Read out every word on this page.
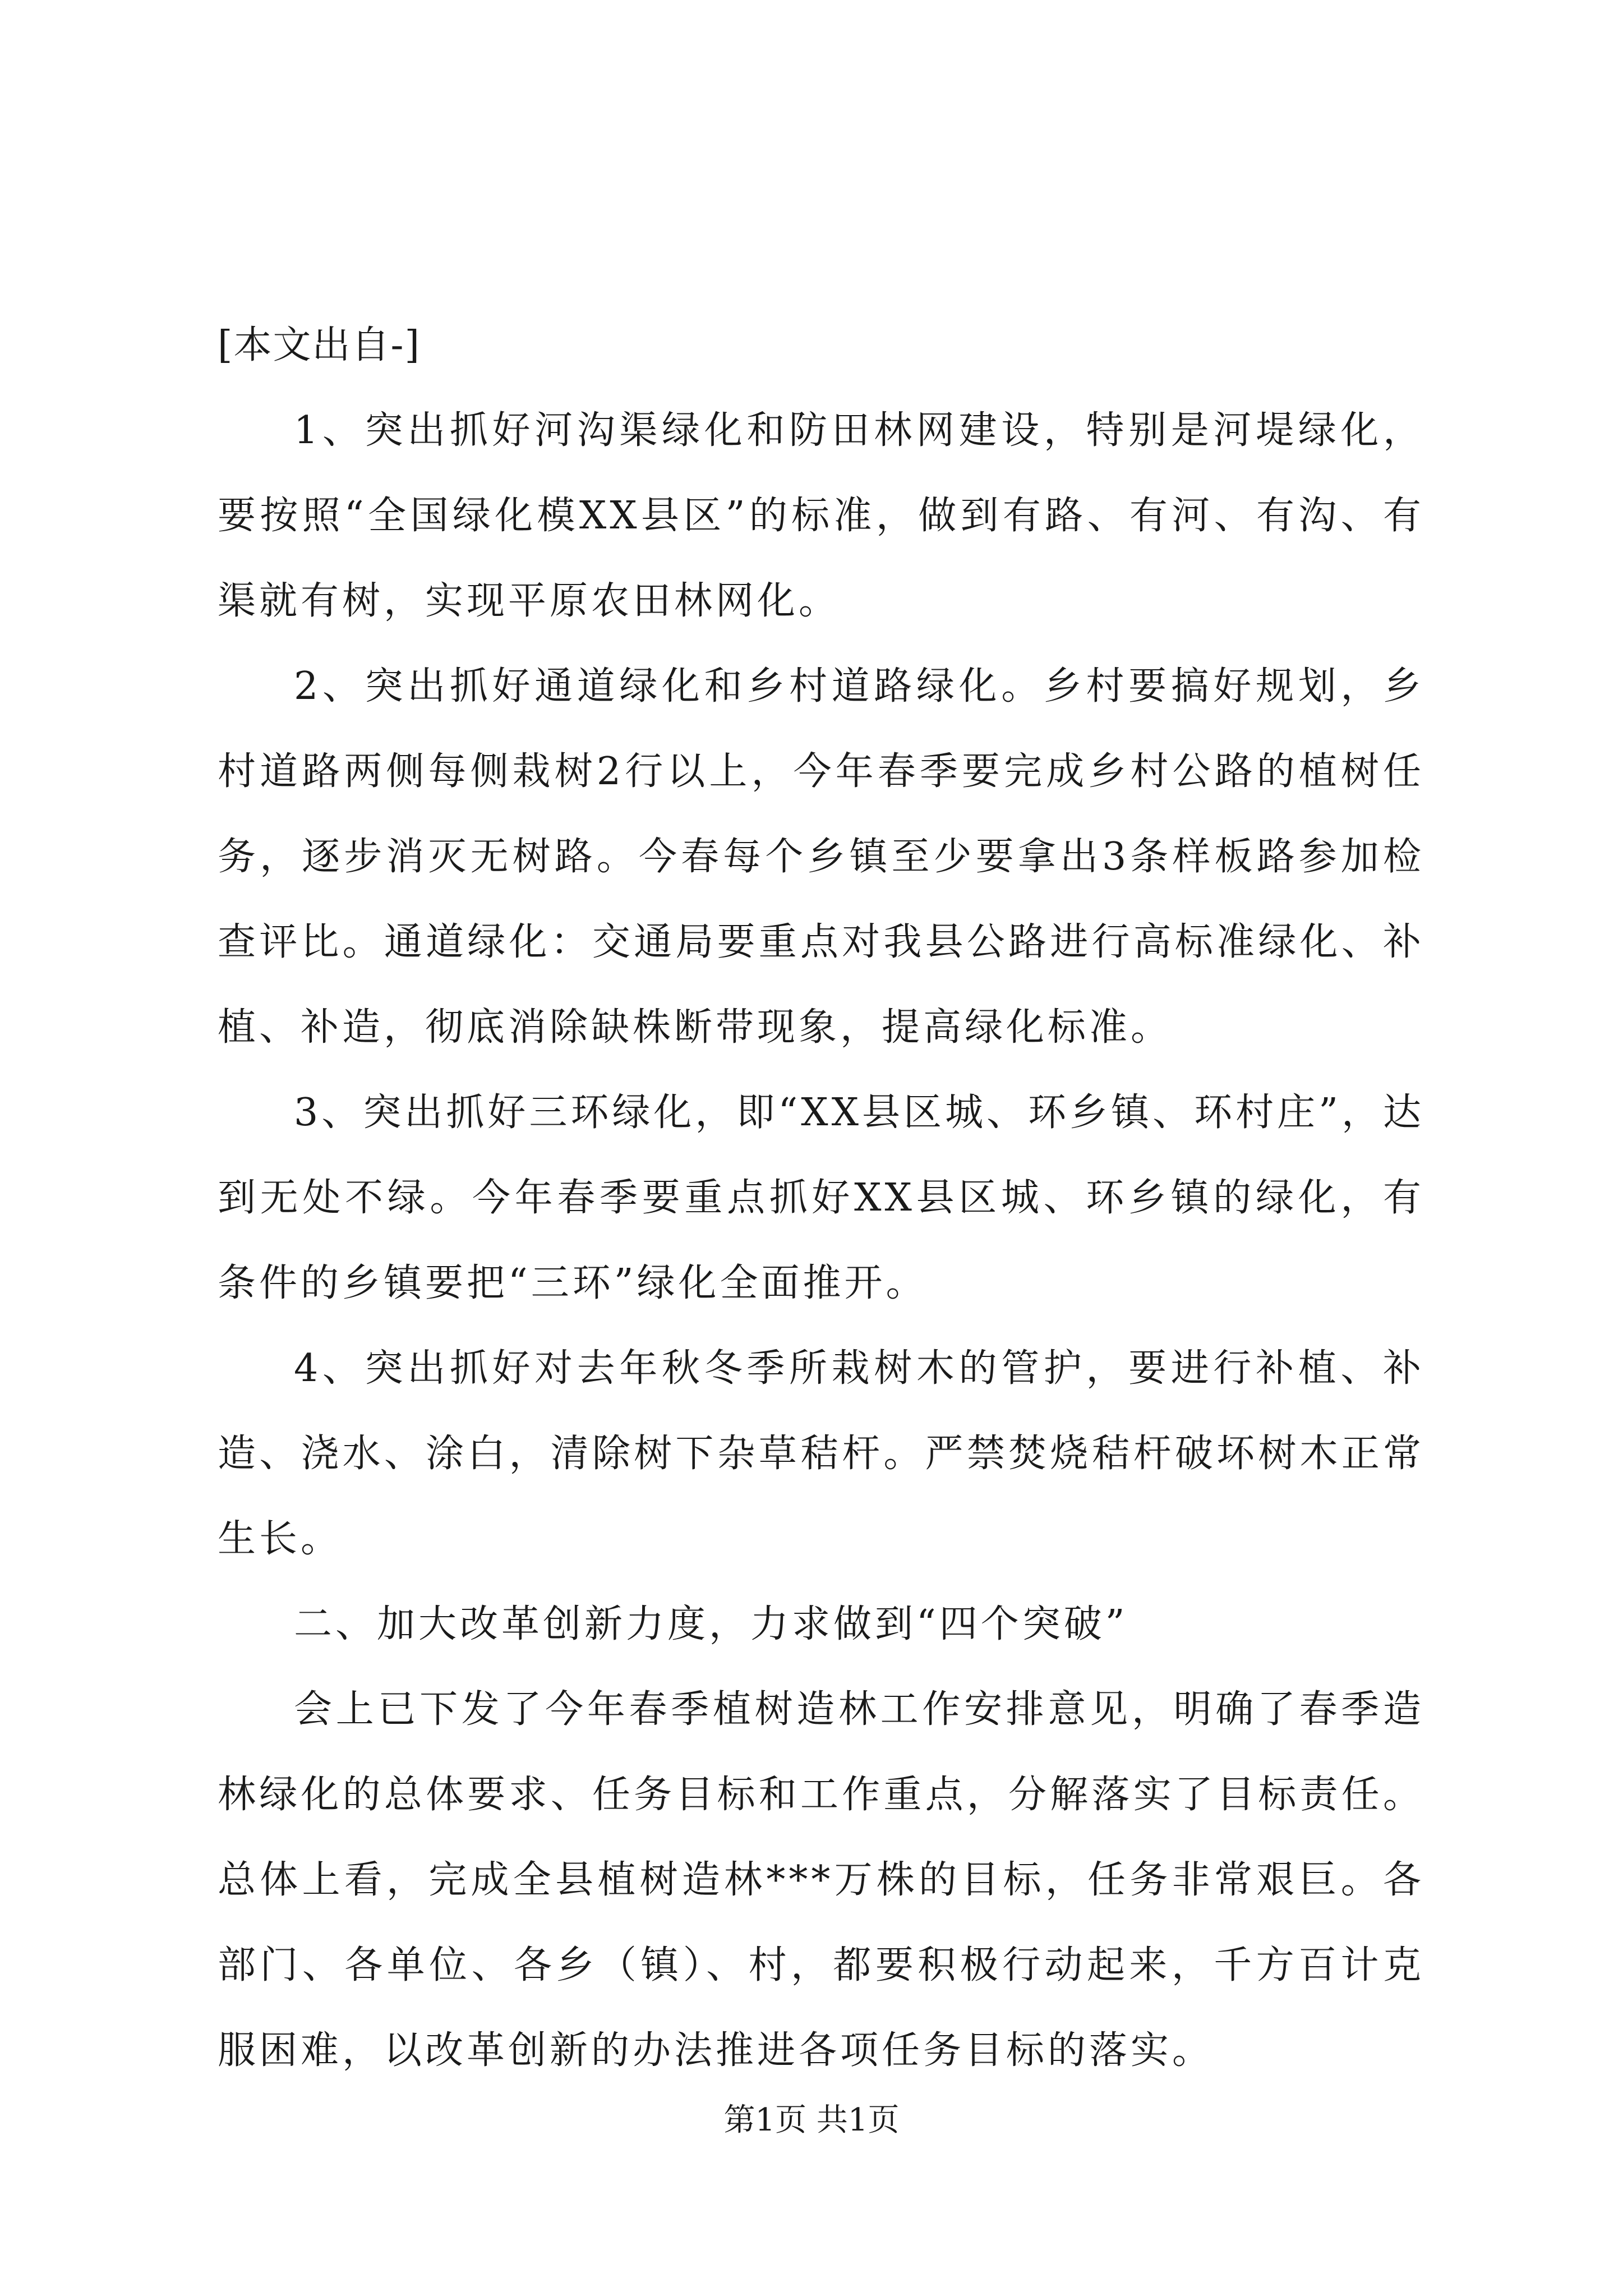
[本文出自-]

1、突出抓好河沟渠绿化和防田林网建设，特别是河堤绿化，要按照“全国绿化模XX县区”的标准，做到有路、有河、有沟、有渠就有树，实现平原农田林网化。

2、突出抓好通道绿化和乡村道路绿化。乡村要搞好规划，乡村道路两侧每侧栽树2行以上，今年春季要完成乡村公路的植树任务，逐步消灭无树路。今春每个乡镇至少要拿出3条样板路参加检查评比。通道绿化：交通局要重点对我县公路进行高标准绿化、补植、补造，彻底消除缺株断带现象，提高绿化标准。

3、突出抓好三环绿化，即“XX县区城、环乡镇、环村庄”，达到无处不绿。今年春季要重点抓好XX县区城、环乡镇的绿化，有条件的乡镇要把“三环”绿化全面推开。

4、突出抓好对去年秋冬季所栽树木的管护，要进行补植、补造、浇水、涂白，清除树下杂草秸杆。严禁焚烧秸杆破坏树木正常生长。

二、加大改革创新力度，力求做到“四个突破”

会上已下发了今年春季植树造林工作安排意见，明确了春季造林绿化的总体要求、任务目标和工作重点，分解落实了目标责任。总体上看，完成全县植树造林***万株的目标，任务非常艰巨。各部门、各单位、各乡（镇）、村，都要积极行动起来，千方百计克服困难，以改革创新的办法推进各项任务目标的落实。

第1页 共1页
